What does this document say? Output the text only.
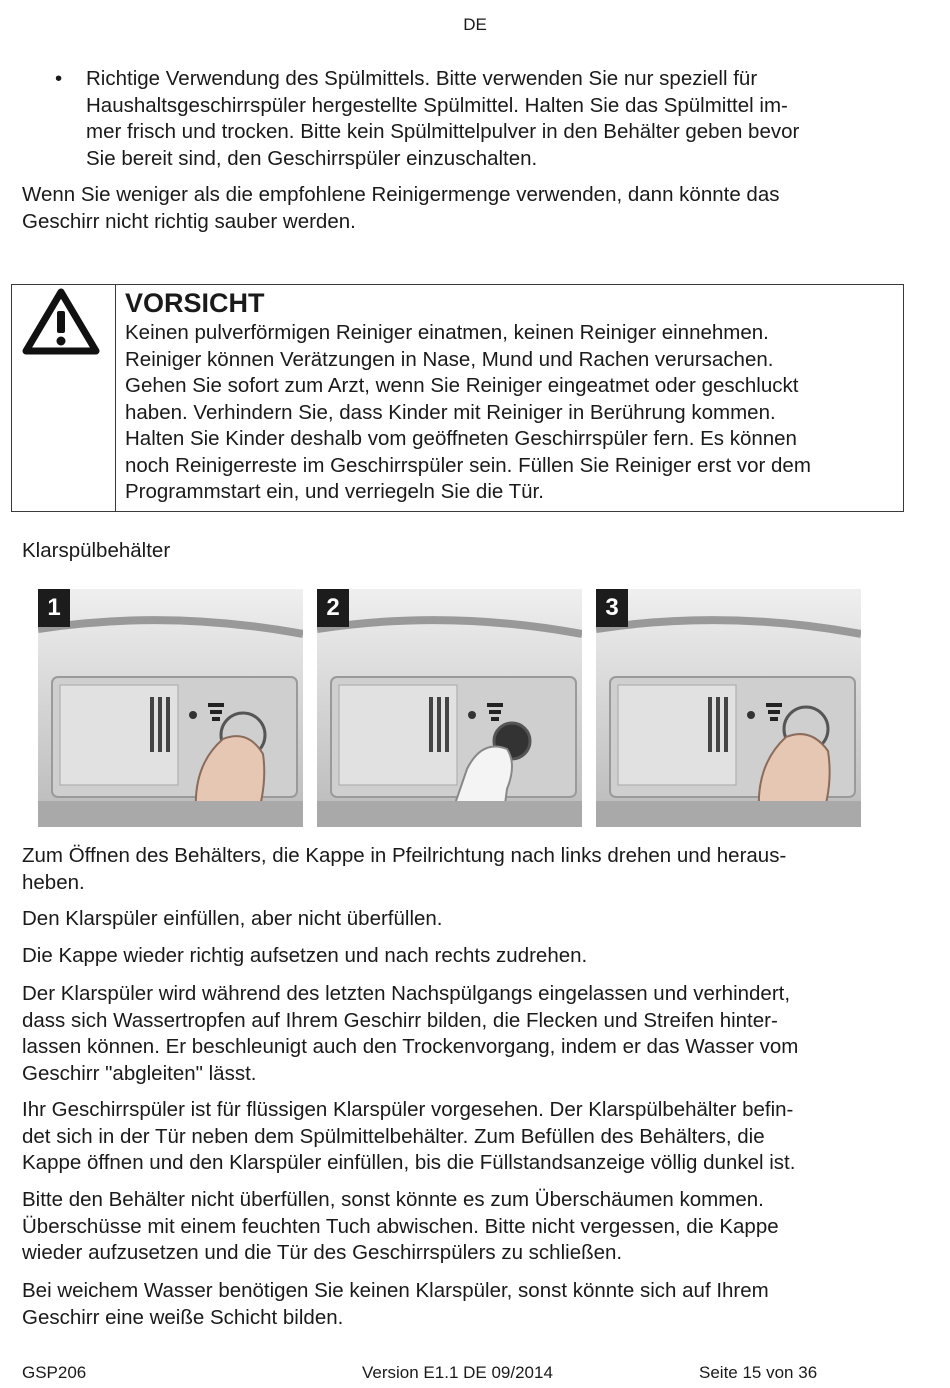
DE
•	Richtige Verwendung des Spülmittels. Bitte verwenden Sie nur speziell für
Haushaltsgeschirrspüler hergestellte Spülmittel. Halten Sie das Spülmittel im-
mer frisch und trocken. Bitte kein Spülmittelpulver in den Behälter geben bevor
Sie bereit sind, den Geschirrspüler einzuschalten.
Wenn Sie weniger als die empfohlene Reinigermenge verwenden, dann könnte das
Geschirr nicht richtig sauber werden.

VORSICHT

Keinen pulverförmigen Reiniger einatmen, keinen Reiniger einnehmen.
Reiniger können Verätzungen in Nase, Mund und Rachen verursachen.
Gehen Sie sofort zum Arzt, wenn Sie Reiniger eingeatmet oder geschluckt
haben. Verhindern Sie, dass Kinder mit Reiniger in Berührung kommen.
Halten Sie Kinder deshalb vom geöffneten Geschirrspüler fern. Es können
noch Reinigerreste im Geschirrspüler sein. Füllen Sie Reiniger erst vor dem
Programmstart ein, und verriegeln Sie die Tür.

Klarspülbehälter
1	2	3
Zum Öffnen des Behälters, die Kappe in Pfeilrichtung nach links drehen und heraus-
heben.
Den Klarspüler einfüllen, aber nicht überfüllen.
Die Kappe wieder richtig aufsetzen und nach rechts zudrehen.
Der Klarspüler wird während des letzten Nachspülgangs eingelassen und verhindert,
dass sich Wassertropfen auf Ihrem Geschirr bilden, die Flecken und Streifen hinter-
lassen können. Er beschleunigt auch den Trockenvorgang, indem er das Wasser vom
Geschirr "abgleiten" lässt.
Ihr Geschirrspüler ist für flüssigen Klarspüler vorgesehen. Der Klarspülbehälter befin-
det sich in der Tür neben dem Spülmittelbehälter. Zum Befüllen des Behälters, die
Kappe öffnen und den Klarspüler einfüllen, bis die Füllstandsanzeige völlig dunkel ist.
Bitte den Behälter nicht überfüllen, sonst könnte es zum Überschäumen kommen.
Überschüsse mit einem feuchten Tuch abwischen. Bitte nicht vergessen, die Kappe
wieder aufzusetzen und die Tür des Geschirrspülers zu schließen.
Bei weichem Wasser benötigen Sie keinen Klarspüler, sonst könnte sich auf Ihrem
Geschirr eine weiße Schicht bilden.
GSP206	Version E1.1 DE 09/2014	Seite 15 von 36
